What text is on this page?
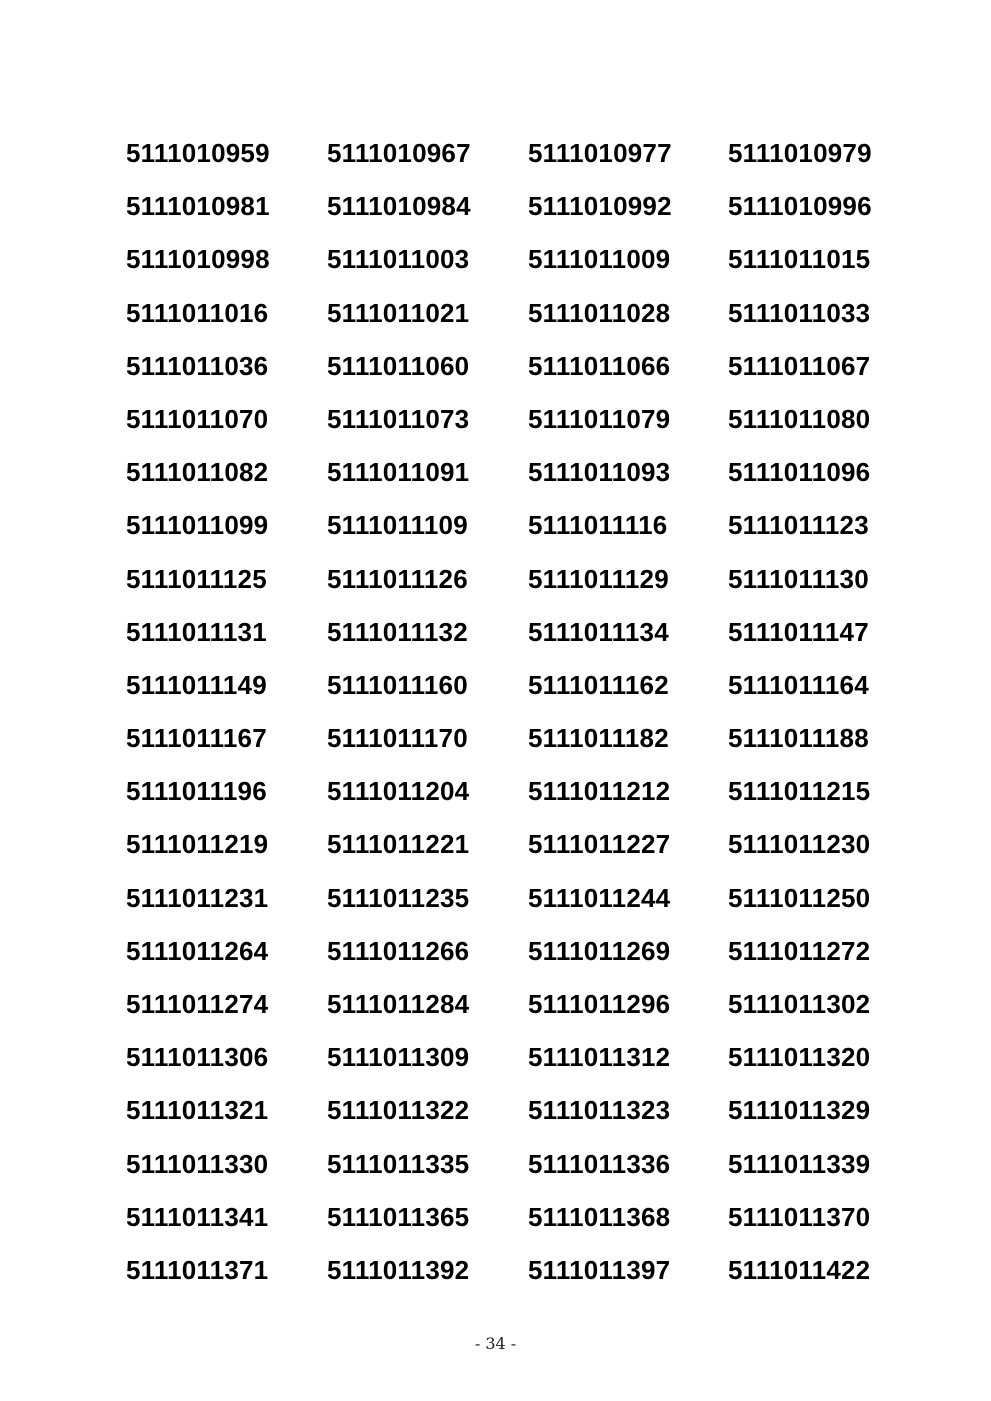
5111010959	5111010967	5111010977	5111010979
5111010981	5111010984	5111010992	5111010996
5111010998	5111011003	5111011009	5111011015
5111011016	5111011021	5111011028	5111011033
5111011036	5111011060	5111011066	5111011067
5111011070	5111011073	5111011079	5111011080
5111011082	5111011091	5111011093	5111011096
5111011099	5111011109	5111011116	5111011123
5111011125	5111011126	5111011129	5111011130
5111011131	5111011132	5111011134	5111011147
5111011149	5111011160	5111011162	5111011164
5111011167	5111011170	5111011182	5111011188
5111011196	5111011204	5111011212	5111011215
5111011219	5111011221	5111011227	5111011230
5111011231	5111011235	5111011244	5111011250
5111011264	5111011266	5111011269	5111011272
5111011274	5111011284	5111011296	5111011302
5111011306	5111011309	5111011312	5111011320
5111011321	5111011322	5111011323	5111011329
5111011330	5111011335	5111011336	5111011339
5111011341	5111011365	5111011368	5111011370
5111011371	5111011392	5111011397	5111011422
- 34 -
